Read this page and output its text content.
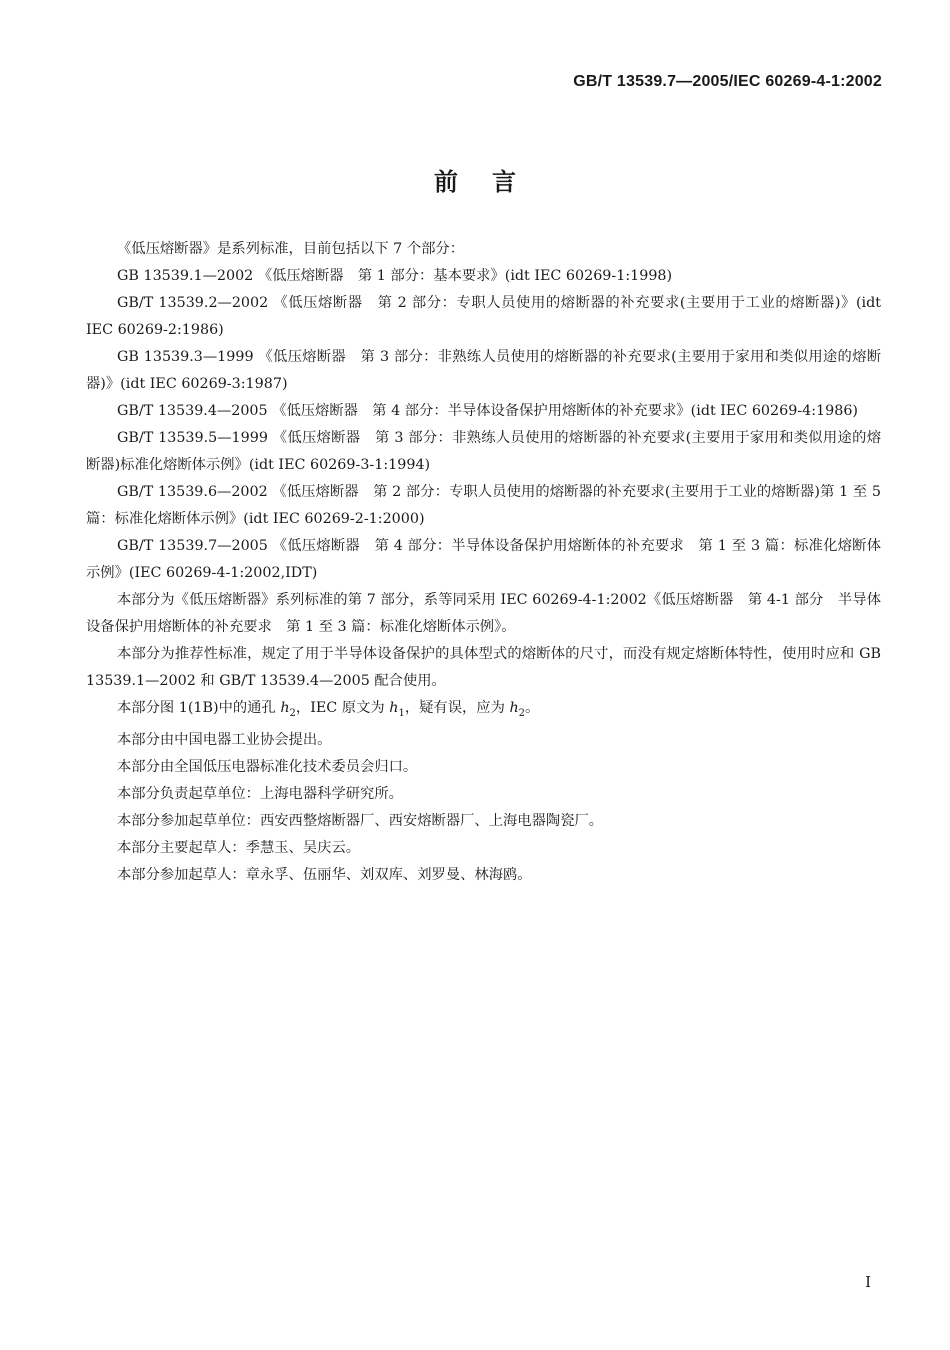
GB/T 13539.7—2005/IEC 60269-4-1:2002
前言

《低压熔断器》是系列标准，目前包括以下 7 个部分：

GB 13539.1—2002 《低压熔断器　第 1 部分：基本要求》(idt IEC 60269-1:1998)

GB/T 13539.2—2002 《低压熔断器　第 2 部分：专职人员使用的熔断器的补充要求(主要用于工业的熔断器)》(idt IEC 60269-2:1986)

GB 13539.3—1999 《低压熔断器　第 3 部分：非熟练人员使用的熔断器的补充要求(主要用于家用和类似用途的熔断器)》(idt IEC 60269-3:1987)

GB/T 13539.4—2005 《低压熔断器　第 4 部分：半导体设备保护用熔断体的补充要求》(idt IEC 60269-4:1986)

GB/T 13539.5—1999 《低压熔断器　第 3 部分：非熟练人员使用的熔断器的补充要求(主要用于家用和类似用途的熔断器)标准化熔断体示例》(idt IEC 60269-3-1:1994)

GB/T 13539.6—2002 《低压熔断器　第 2 部分：专职人员使用的熔断器的补充要求(主要用于工业的熔断器)第 1 至 5 篇：标准化熔断体示例》(idt IEC 60269-2-1:2000)

GB/T 13539.7—2005 《低压熔断器　第 4 部分：半导体设备保护用熔断体的补充要求　第 1 至 3 篇：标准化熔断体示例》(IEC 60269-4-1:2002,IDT)

本部分为《低压熔断器》系列标准的第 7 部分，系等同采用 IEC 60269-4-1:2002《低压熔断器　第 4-1 部分　半导体设备保护用熔断体的补充要求　第 1 至 3 篇：标准化熔断体示例》。

本部分为推荐性标准，规定了用于半导体设备保护的具体型式的熔断体的尺寸，而没有规定熔断体特性，使用时应和 GB 13539.1—2002 和 GB/T 13539.4—2005 配合使用。

本部分图 1(1B)中的通孔 $h_2$，IEC 原文为 $h_1$，疑有误，应为 $h_2$。

本部分由中国电器工业协会提出。

本部分由全国低压电器标准化技术委员会归口。

本部分负责起草单位：上海电器科学研究所。

本部分参加起草单位：西安西整熔断器厂、西安熔断器厂、上海电器陶瓷厂。

本部分主要起草人：季慧玉、吴庆云。

本部分参加起草人：章永孚、伍丽华、刘双库、刘罗曼、林海鸥。

I
